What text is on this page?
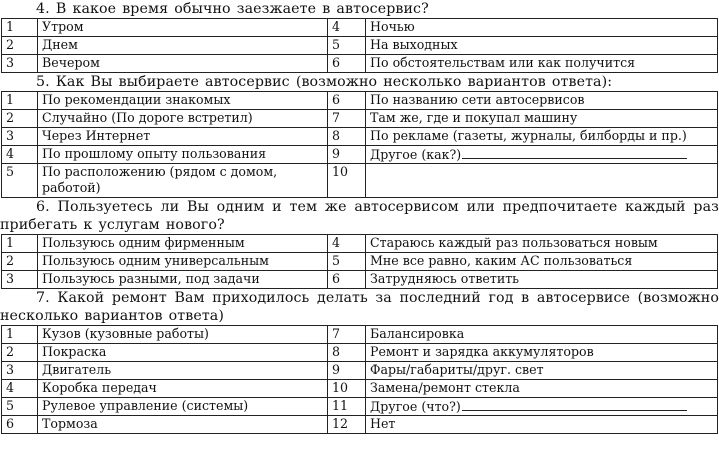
4. В какое время обычно заезжаете в автосервис?

1	Утром	4	Ночью
2	Днем	5	На выходных
3	Вечером	6	По обстоятельствам или как получится

5. Как Вы выбираете автосервис (возможно несколько вариантов ответа):

1	По рекомендации знакомых	6	По названию сети автосервисов
2	Случайно (По дороге встретил)	7	Там же, где и покупал машину
3	Через Интернет	8	По рекламе (газеты, журналы, билборды и пр.)
4	По прошлому опыту пользования	9	Другое (как?)
5	По расположению (рядом с домом, работой)	10	

6. Пользуетесь ли Вы одним и тем же автосервисом или предпочитаете каждый раз прибегать к услугам нового?

1	Пользуюсь одним фирменным	4	Стараюсь каждый раз пользоваться новым
2	Пользуюсь одним универсальным	5	Мне все равно, каким АС пользоваться
3	Пользуюсь разными, под задачи	6	Затрудняюсь ответить

7. Какой ремонт Вам приходилось делать за последний год в автосервисе (возможно несколько вариантов ответа)

1	Кузов (кузовные работы)	7	Балансировка
2	Покраска	8	Ремонт и зарядка аккумуляторов
3	Двигатель	9	Фары/габариты/друг. свет
4	Коробка передач	10	Замена/ремонт стекла
5	Рулевое управление (системы)	11	Другое (что?)
6	Тормоза	12	Нет
